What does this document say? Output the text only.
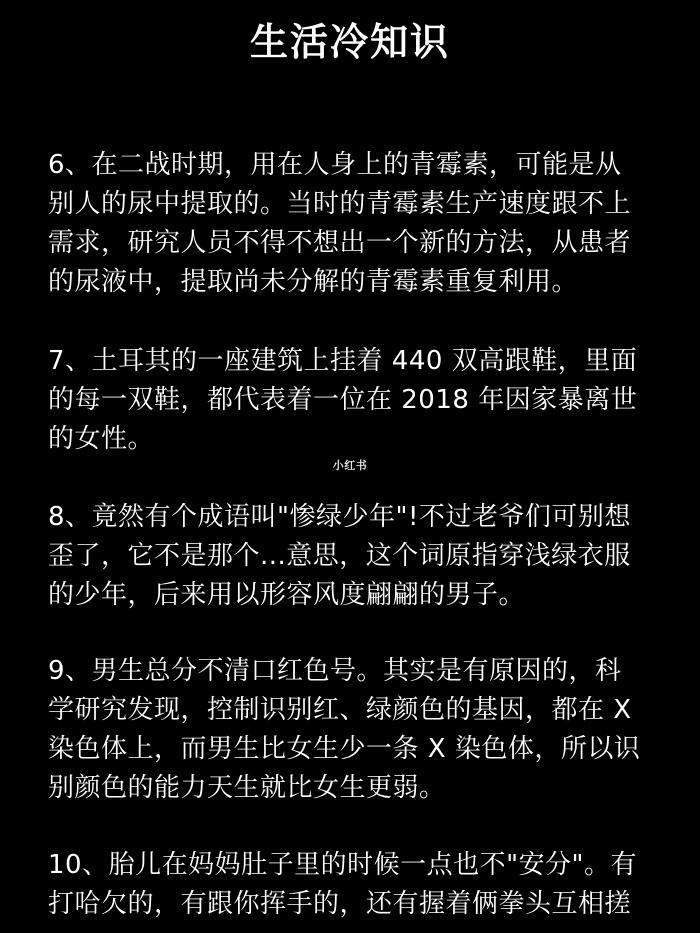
生活冷知识
6、在二战时期，用在人身上的青霉素，可能是从
别人的尿中提取的。当时的青霉素生产速度跟不上
需求，研究人员不得不想出一个新的方法，从患者
的尿液中，提取尚未分解的青霉素重复利用。
7、土耳其的一座建筑上挂着 440 双高跟鞋，里面
的每一双鞋，都代表着一位在 2018 年因家暴离世
的女性。
小红书
8、竟然有个成语叫"惨绿少年"!不过老爷们可别想
歪了，它不是那个...意思，这个词原指穿浅绿衣服
的少年，后来用以形容风度翩翩的男子。
9、男生总分不清口红色号。其实是有原因的，科
学研究发现，控制识别红、绿颜色的基因，都在 X
染色体上，而男生比女生少一条 X 染色体，所以识
别颜色的能力天生就比女生更弱。
10、胎儿在妈妈肚子里的时候一点也不"安分"。有
打哈欠的，有跟你挥手的，还有握着俩拳头互相搓
